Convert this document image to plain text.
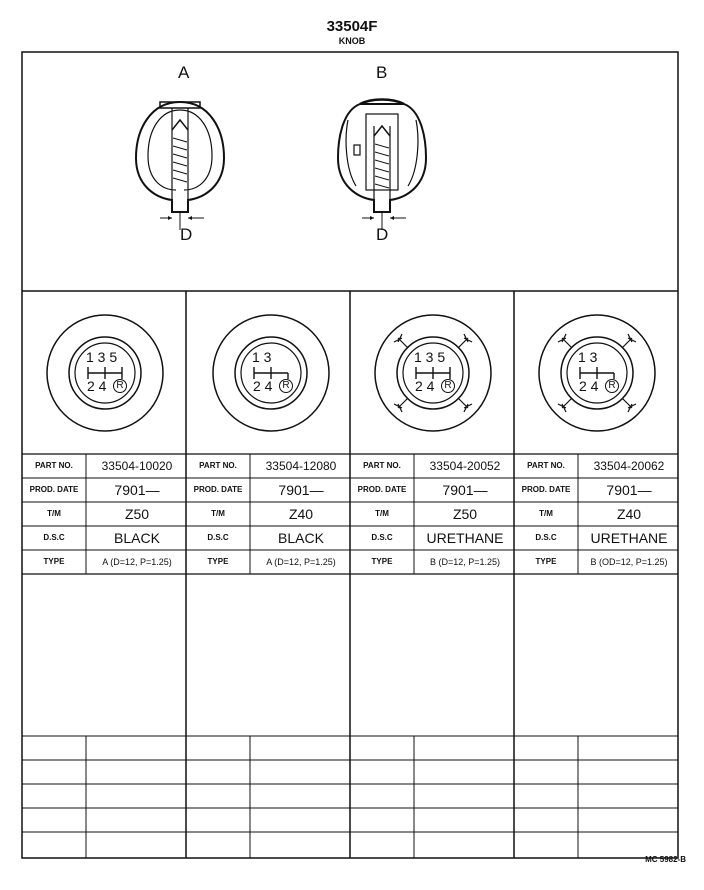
33504F
KNOB
A
D
B
D
1 3 5
2 4 R
1 3
2 4 R
1 3 5
2 4 R
1 3
2 4 R
PART NO.	33504-10020
PROD. DATE	7901—
T/M	Z50
D.S.C	BLACK
TYPE	A (D=12, P=1.25)
PART NO.	33504-12080
PROD. DATE	7901—
T/M	Z40
D.S.C	BLACK
TYPE	A (D=12, P=1.25)
PART NO.	33504-20052
PROD. DATE	7901—
T/M	Z50
D.S.C	URETHANE
TYPE	B (D=12, P=1.25)
PART NO.	33504-20062
PROD. DATE	7901—
T/M	Z40
D.S.C	URETHANE
TYPE	B (OD=12, P=1.25)
MC 5982-B
